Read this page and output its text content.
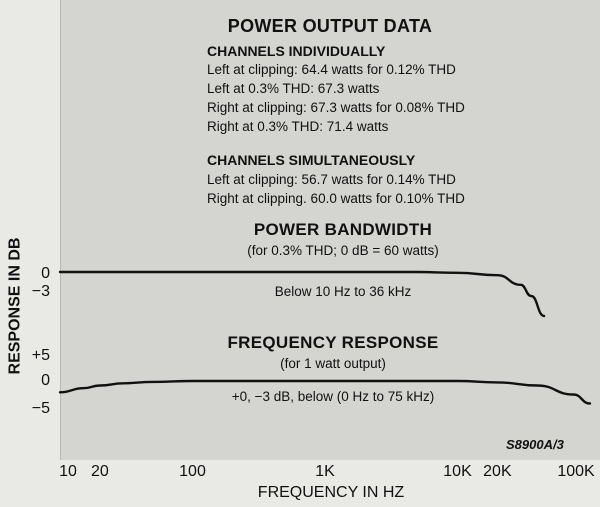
POWER OUTPUT DATA
CHANNELS INDIVIDUALLY
Left at clipping: 64.4 watts for 0.12% THD
Left at 0.3% THD: 67.3 watts
Right at clipping: 67.3 watts for 0.08% THD
Right at 0.3% THD: 71.4 watts
CHANNELS SIMULTANEOUSLY
Left at clipping: 56.7 watts for 0.14% THD
Right at clipping. 60.0 watts for 0.10% THD
POWER BANDWIDTH
(for 0.3% THD; 0 dB = 60 watts)
Below 10 Hz to 36 kHz
FREQUENCY RESPONSE
(for 1 watt output)
+0, −3 dB, below (0 Hz to 75 kHz)
S8900A/3
RESPONSE IN DB 0
−3
+5
0
−5
10 20	100	1K	10K 20K	100K
FREQUENCY IN HZ
